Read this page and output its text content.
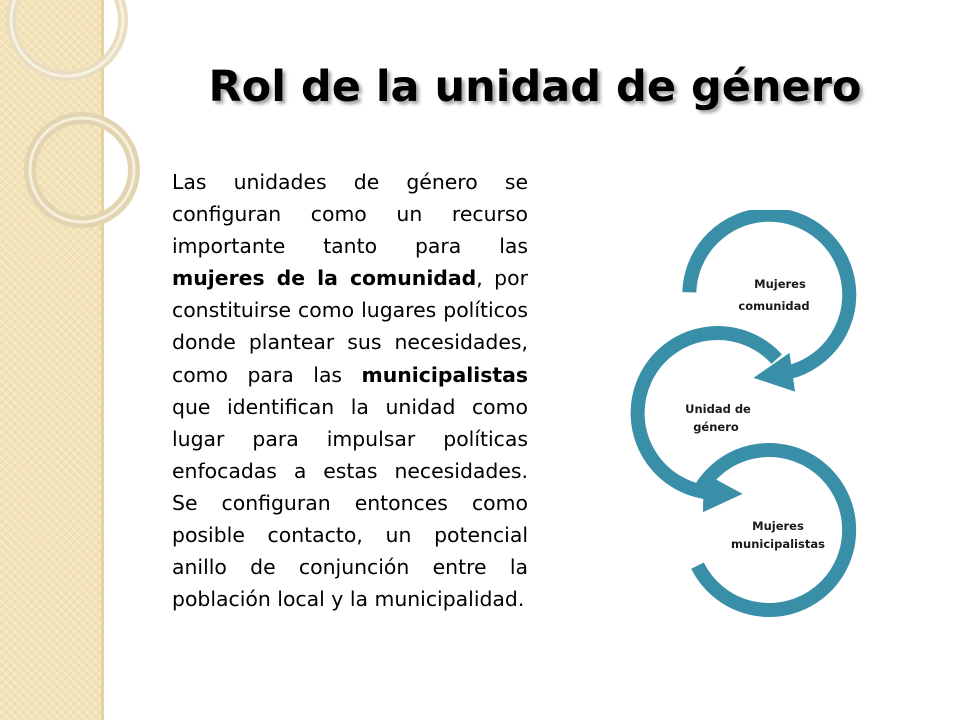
Rol de la unidad de género

Las unidades de género se configuran como un recurso importante tanto para las mujeres de la comunidad, por constituirse como lugares políticos donde plantear sus necesidades, como para las municipalistas que identifican la unidad como lugar para impulsar políticas enfocadas a estas necesidades. Se configuran entonces como posible contacto, un potencial anillo de conjunción entre la población local y la municipalidad.

Mujeres
comunidad
Unidad de
género
Mujeres
municipalistas
